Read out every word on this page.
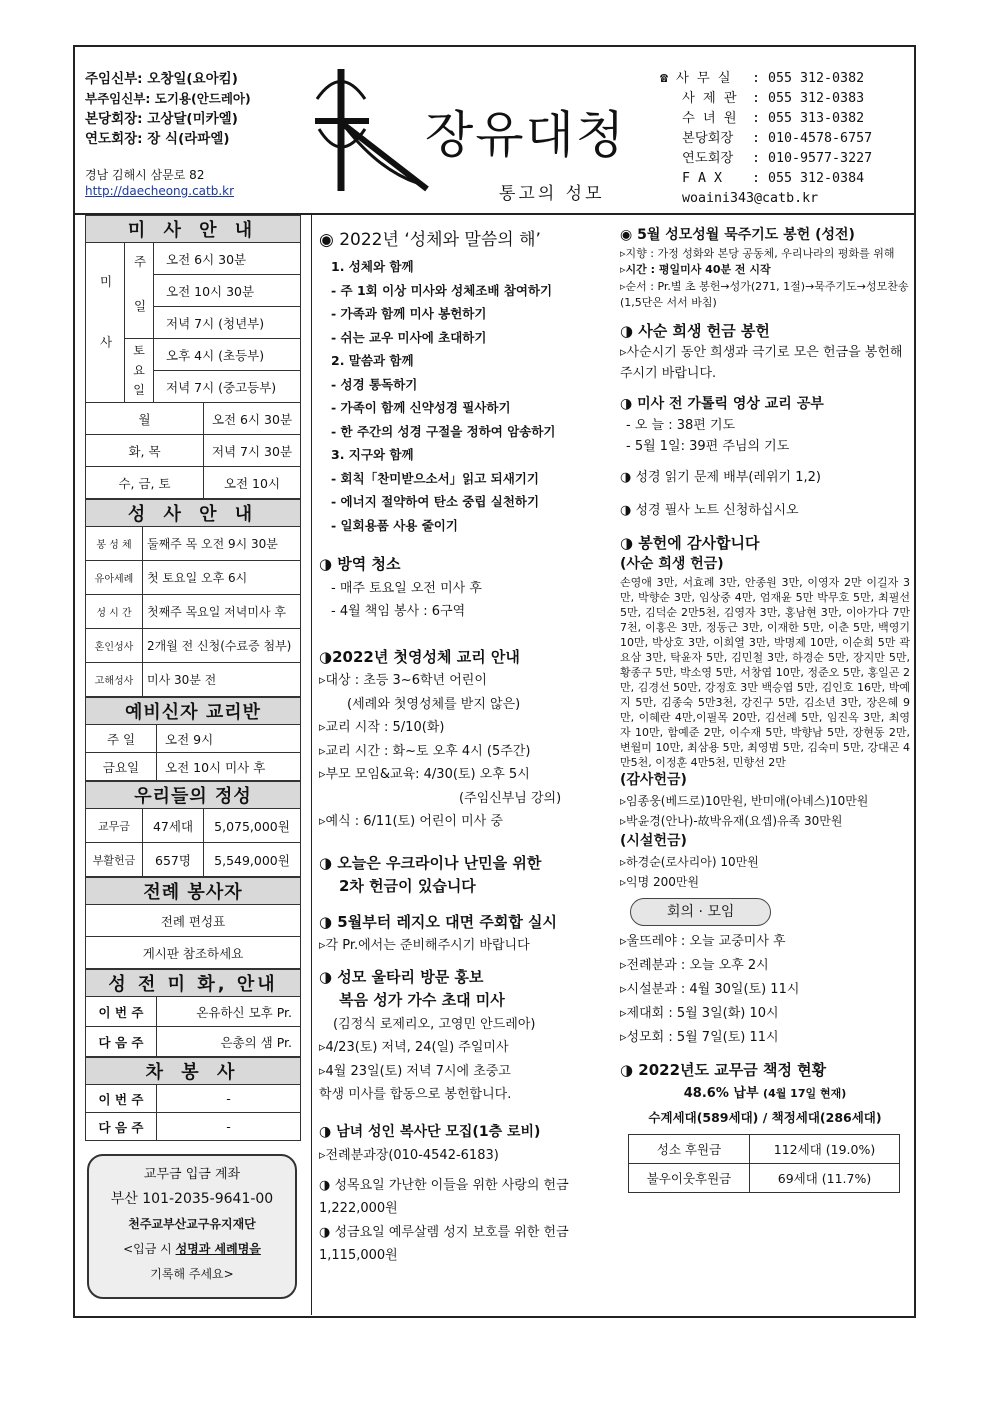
주임신부: 오창일(요아킴)
부주임신부: 도기용(안드레아)
본당회장: 고상달(미카엘)
연도회장: 장 식(라파엘)
경남 김해시 삼문로 82
http://daecheong.catb.kr
장유대청
통고의 성모
☎ 사 무 실 : 055 312-0382
사 제 관 : 055 312-0383
수 녀 원 : 055 313-0382
본당회장 : 010-4578-6757
연도회장 : 010-9577-3227
F A X : 055 312-0384
woaini343@catb.kr
미 사 안 내			
미 사	주 일	오전 6시 30분	
		오전 10시 30분	
		저녁 7시 (청년부)	
	토 요 일	오후 4시 (초등부)	
		저녁 7시 (중고등부)	
월			오전 6시 30분
화, 목			저녁 7시 30분
수, 금, 토			오전 10시
성 사 안 내	
봉 성 체	둘째주 목 오전 9시 30분
유아세례	첫 토요일 오후 6시
성 시 간	첫째주 목요일 저녁미사 후
혼인성사	2개월 전 신청(수료증 첨부)
고해성사	미사 30분 전
예비신자 교리반	
주 일	오전 9시
금요일	오전 10시 미사 후
우리들의 정성		
교무금	47세대	5,075,000원
부활헌금	657명	5,549,000원
전례 봉사자
전례 편성표
게시판 참조하세요
성 전 미 화, 안내	
이 번 주	온유하신 모후 Pr.
다 음 주	은총의 샘 Pr.
차 봉 사	
이 번 주	-
다 음 주	-
교무금 입금 계좌
부산 101-2035-9641-00
천주교부산교구유지재단
<입금 시 성명과 세례명을
기록해 주세요>
◉ 2022년 ‘성체와 말씀의 해’
1. 성체와 함께
- 주 1회 이상 미사와 성체조배 참여하기
- 가족과 함께 미사 봉헌하기
- 쉬는 교우 미사에 초대하기
2. 말씀과 함께
- 성경 통독하기
- 가족이 함께 신약성경 필사하기
- 한 주간의 성경 구절을 정하여 암송하기
3. 지구와 함께
- 회칙「찬미받으소서」읽고 되새기기
- 에너지 절약하여 탄소 중립 실천하기
- 일회용품 사용 줄이기
◑ 방역 청소
- 매주 토요일 오전 미사 후
- 4월 책임 봉사 : 6구역
◑2022년 첫영성체 교리 안내
▹대상 : 초등 3~6학년 어린이
(세례와 첫영성체를 받지 않은)
▹교리 시작 : 5/10(화)
▹교리 시간 : 화~토 오후 4시 (5주간)
▹부모 모임&교육: 4/30(토) 오후 5시
(주임신부님 강의)
▹예식 : 6/11(토) 어린이 미사 중
◑ 오늘은 우크라이나 난민을 위한
2차 헌금이 있습니다
◑ 5월부터 레지오 대면 주회합 실시
▹각 Pr.에서는 준비해주시기 바랍니다
◑ 성모 울타리 방문 홍보
복음 성가 가수 초대 미사
(김정식 로제리오, 고영민 안드레아)
▹4/23(토) 저녁, 24(일) 주일미사
▹4월 23일(토) 저녁 7시에 초중고
학생 미사를 합동으로 봉헌합니다.
◑ 남녀 성인 복사단 모집(1층 로비)
▹전례분과장(010-4542-6183)
◑ 성목요일 가난한 이들을 위한 사랑의 헌금 1,222,000원
◑ 성금요일 예루살렘 성지 보호를 위한 헌금 1,115,000원
◉ 5월 성모성월 묵주기도 봉헌 (성전)
▹지향 : 가정 성화와 본당 공동체, 우리나라의 평화를 위해
▹시간 : 평일미사 40분 전 시작
▹순서 : Pr.별 초 봉헌→성가(271, 1절)→묵주기도→성모찬송(1,5단은 서서 바침)
◑ 사순 희생 헌금 봉헌
▹사순시기 동안 희생과 극기로 모은 헌금을 봉헌해 주시기 바랍니다.
◑ 미사 전 가톨릭 영상 교리 공부
- 오 늘 : 38편 기도
- 5월 1일: 39편 주님의 기도
◑ 성경 읽기 문제 배부(레위기 1,2)
◑ 성경 필사 노트 신청하십시오
◑ 봉헌에 감사합니다
(사순 희생 헌금)
손영애 3만, 서효례 3만, 안종원 3만, 이영자 2만 이길자 3만, 박향순 3만, 임상중 4만, 엄재윤 5만 박무호 5만, 최필선 5만, 김덕순 2만5천, 김영자 3만, 홍남현 3만, 이아가다 7만7천, 이홍은 3만, 정동근 3만, 이재한 5만, 이춘 5만, 백영기 10만, 박상호 3만, 이희열 3만, 박명제 10만, 이순희 5만 곽요삼 3만, 탁윤자 5만, 김민철 3만, 하경순 5만, 장지만 5만, 황종구 5만, 박소영 5만, 서창엽 10만, 정준오 5만, 홍일곤 2만, 김경선 50만, 강정호 3만 백승엽 5만, 김인호 16만, 박예지 5만, 김종숙 5만3천, 강진구 5만, 김소년 3만, 장은혜 9만, 이혜란 4만,이필목 20만, 김선례 5만, 임진옥 3만, 최영자 10만, 함예준 2만, 이수재 5만, 박향남 5만, 장현동 2만, 변월미 10만, 최삼용 5만, 최영범 5만, 김숙미 5만, 강대곤 4만5천, 이정훈 4만5천, 민향선 2만
(감사헌금)
▹임종웅(베드로)10만원, 반미애(아녜스)10만원
▹박윤경(안나)-故박유재(요셉)유족 30만원
(시설헌금)
▹하경순(로사리아) 10만원
▹익명 200만원
회의 · 모임
▹울뜨레야 : 오늘 교중미사 후
▹전례분과 : 오늘 오후 2시
▹시설분과 : 4월 30일(토) 11시
▹제대회 : 5월 3일(화) 10시
▹성모회 : 5월 7일(토) 11시
◑ 2022년도 교무금 책정 현황
48.6% 납부 (4월 17일 현재)
수계세대(589세대) / 책정세대(286세대)
성소 후원금	112세대 (19.0%)
불우이웃후원금	69세대 (11.7%)
